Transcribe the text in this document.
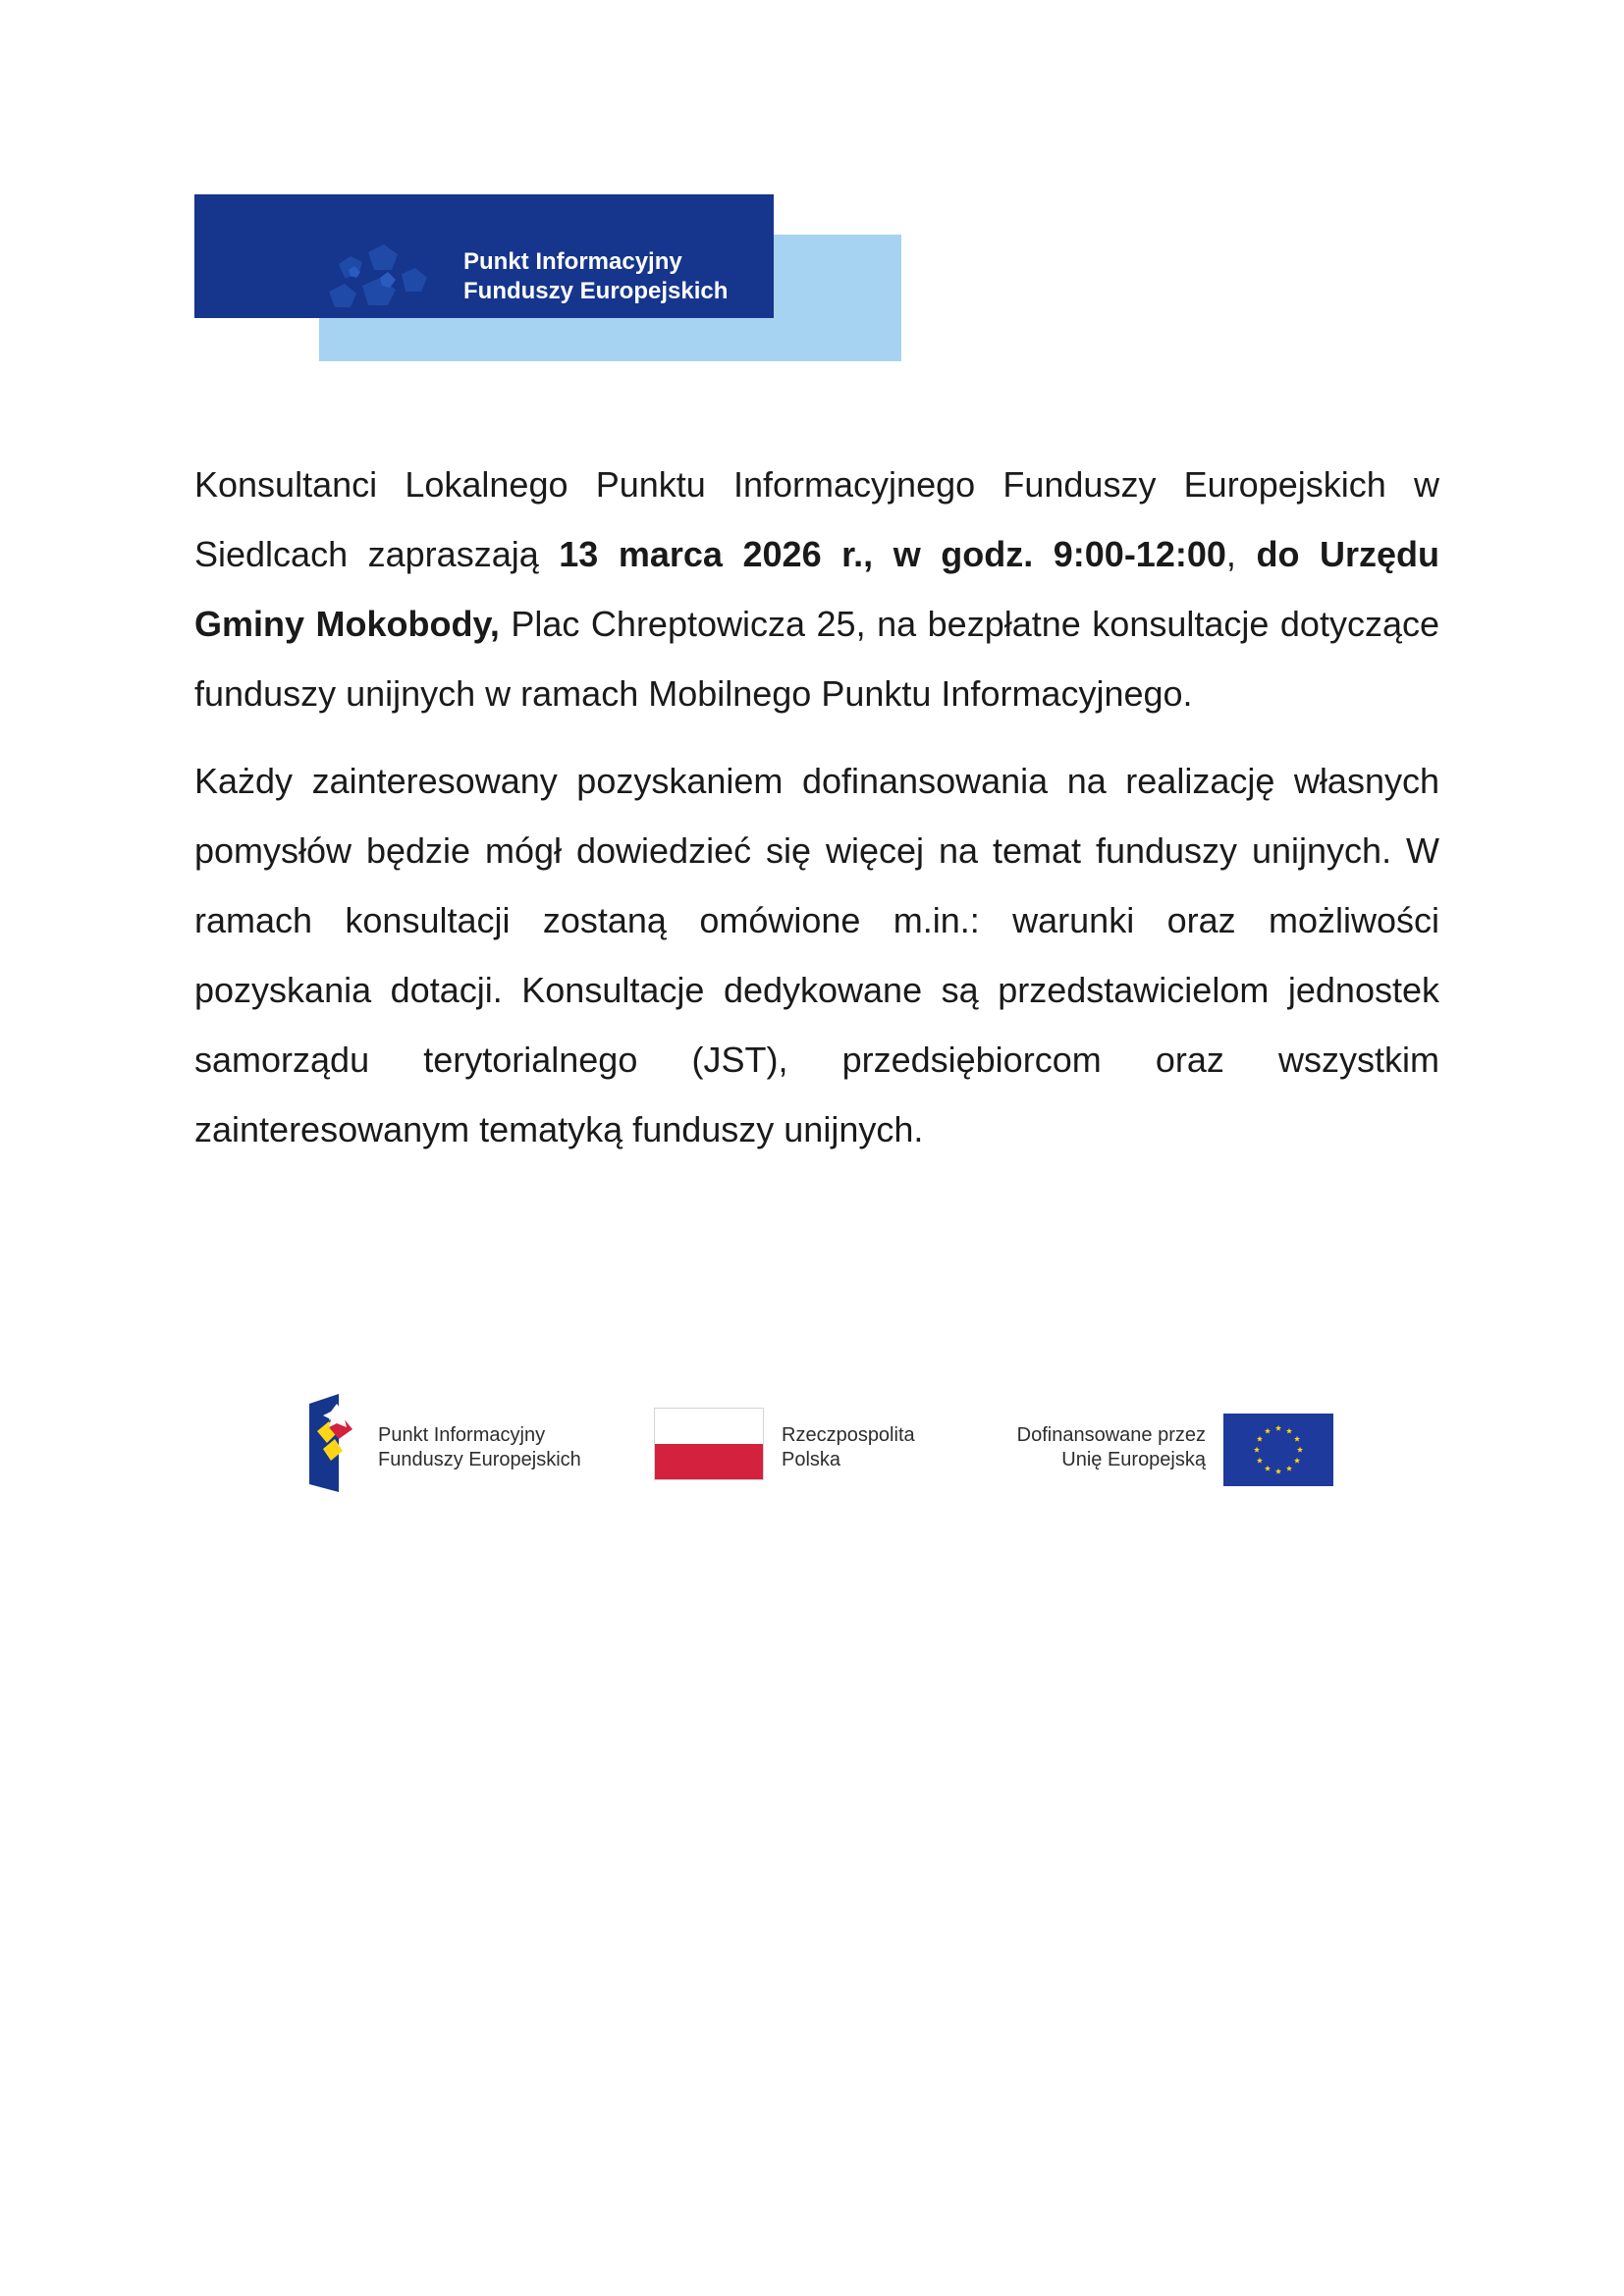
Punkt Informacyjny
Funduszy Europejskich

Konsultanci Lokalnego Punktu Informacyjnego Funduszy Europejskich w Siedlcach zapraszają 13 marca 2026 r., w godz. 9:00-12:00, do Urzędu Gminy Mokobody, Plac Chreptowicza 25, na bezpłatne konsultacje dotyczące funduszy unijnych w ramach Mobilnego Punktu Informacyjnego.

Każdy zainteresowany pozyskaniem dofinansowania na realizację własnych pomysłów będzie mógł dowiedzieć się więcej na temat funduszy unijnych. W ramach konsultacji zostaną omówione m.in.: warunki oraz możliwości pozyskania dotacji. Konsultacje dedykowane są przedstawicielom jednostek samorządu terytorialnego (JST), przedsiębiorcom oraz wszystkim zainteresowanym tematyką funduszy unijnych.

Punkt Informacyjny
Funduszy Europejskich
Rzeczpospolita
Polska
Dofinansowane przez
Unię Europejską
